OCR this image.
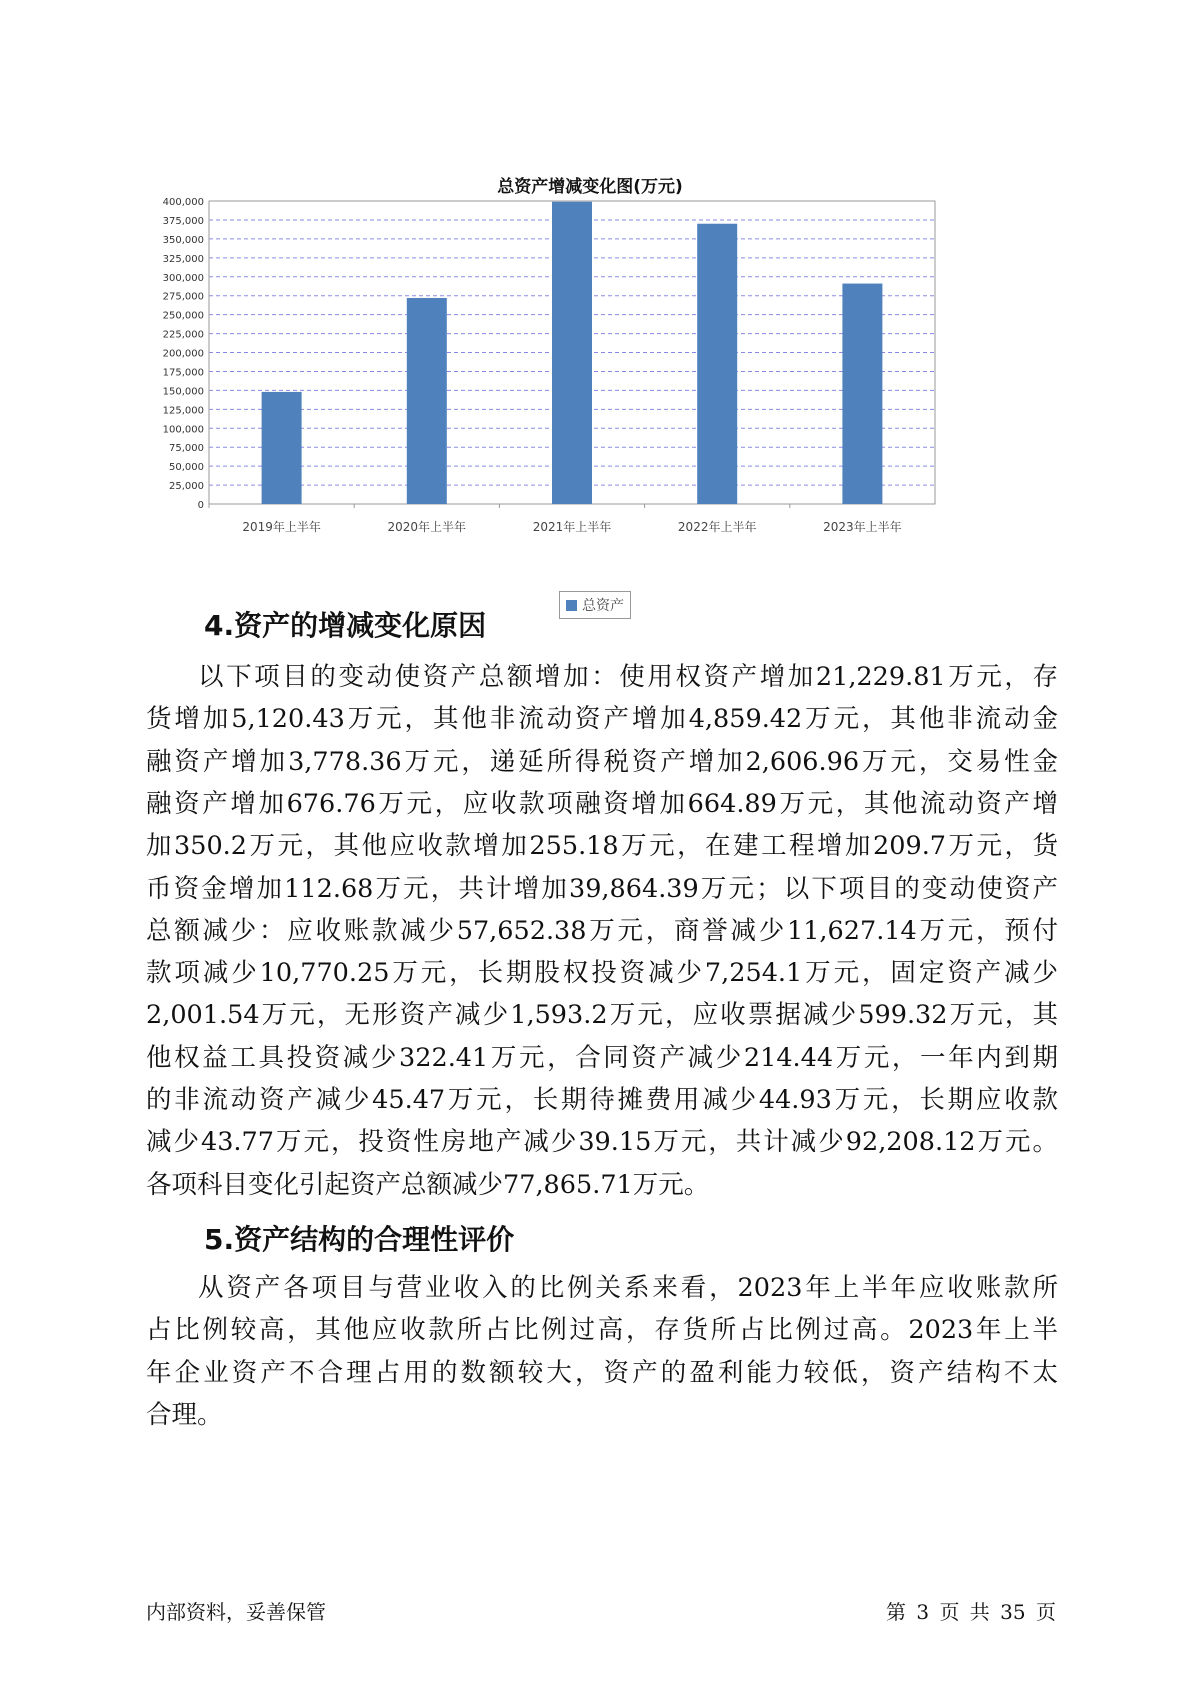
总资产增减变化图(万元)
0
25,000
50,000
75,000
100,000
125,000
150,000
175,000
200,000
225,000
250,000
275,000
300,000
325,000
350,000
375,000
400,000
2019年上半年	2020年上半年	2021年上半年	2022年上半年	2023年上半年
总资产
4.资产的增减变化原因
以下项目的变动使资产总额增加：使用权资产增加21,229.81万元，存
货增加5,120.43万元，其他非流动资产增加4,859.42万元，其他非流动金
融资产增加3,778.36万元，递延所得税资产增加2,606.96万元，交易性金
融资产增加676.76万元，应收款项融资增加664.89万元，其他流动资产增
加350.2万元，其他应收款增加255.18万元，在建工程增加209.7万元，货
币资金增加112.68万元，共计增加39,864.39万元；以下项目的变动使资产
总额减少：应收账款减少57,652.38万元，商誉减少11,627.14万元，预付
款项减少10,770.25万元，长期股权投资减少7,254.1万元，固定资产减少
2,001.54万元，无形资产减少1,593.2万元，应收票据减少599.32万元，其
他权益工具投资减少322.41万元，合同资产减少214.44万元，一年内到期
的非流动资产减少45.47万元，长期待摊费用减少44.93万元，长期应收款
减少43.77万元，投资性房地产减少39.15万元，共计减少92,208.12万元。
各项科目变化引起资产总额减少77,865.71万元。
5.资产结构的合理性评价
从资产各项目与营业收入的比例关系来看，2023年上半年应收账款所
占比例较高，其他应收款所占比例过高，存货所占比例过高。2023年上半
年企业资产不合理占用的数额较大，资产的盈利能力较低，资产结构不太
合理。
内部资料，妥善保管	第 3 页 共 35 页
